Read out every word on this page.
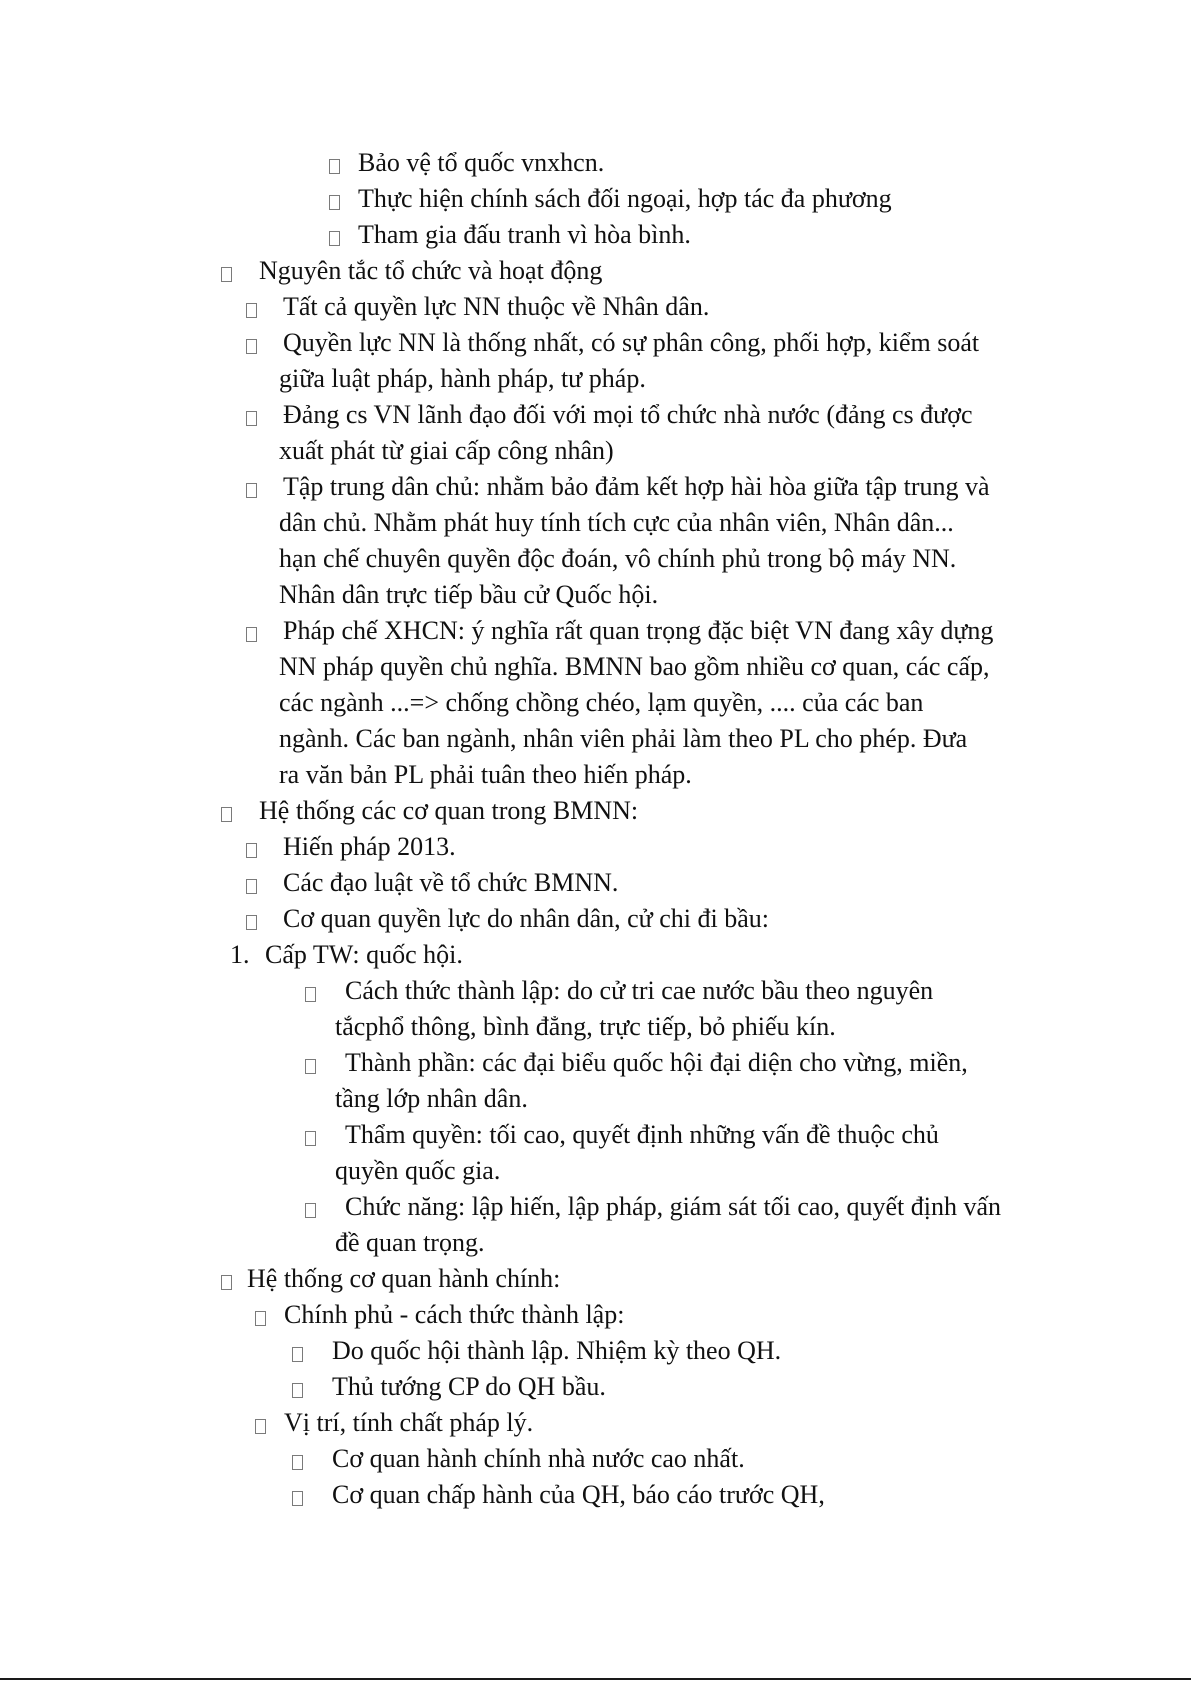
Bảo vệ tổ quốc vnxhcn.
Thực hiện chính sách đối ngoại, hợp tác đa phương
Tham gia đấu tranh vì hòa bình.
Nguyên tắc tổ chức và hoạt động
Tất cả quyền lực NN thuộc về Nhân dân.
Quyền lực NN là thống nhất, có sự phân công, phối hợp, kiểm soát
giữa luật pháp, hành pháp, tư pháp.
Đảng cs VN lãnh đạo đối với mọi tổ chức nhà nước (đảng cs được
xuất phát từ giai cấp công nhân)
Tập trung dân chủ: nhằm bảo đảm kết hợp hài hòa giữa tập trung và
dân chủ. Nhằm phát huy tính tích cực của nhân viên, Nhân dân...
hạn chế chuyên quyền độc đoán, vô chính phủ trong bộ máy NN.
Nhân dân trực tiếp bầu cử Quốc hội.
Pháp chế XHCN: ý nghĩa rất quan trọng đặc biệt VN đang xây dựng
NN pháp quyền chủ nghĩa. BMNN bao gồm nhiều cơ quan, các cấp,
các ngành ...=> chống chồng chéo, lạm quyền, .... của các ban
ngành. Các ban ngành, nhân viên phải làm theo PL cho phép. Đưa
ra văn bản PL phải tuân theo hiến pháp.
Hệ thống các cơ quan trong BMNN:
Hiến pháp 2013.
Các đạo luật về tổ chức BMNN.
Cơ quan quyền lực do nhân dân, cử chi đi bầu:
1. Cấp TW: quốc hội.
Cách thức thành lập: do cử tri cae nước bầu theo nguyên
tắcphổ thông, bình đẳng, trực tiếp, bỏ phiếu kín.
Thành phần: các đại biểu quốc hội đại diện cho vừng, miền,
tầng lớp nhân dân.
Thẩm quyền: tối cao, quyết định những vấn đề thuộc chủ
quyền quốc gia.
Chức năng: lập hiến, lập pháp, giám sát tối cao, quyết định vấn
đề quan trọng.
Hệ thống cơ quan hành chính:
Chính phủ - cách thức thành lập:
Do quốc hội thành lập. Nhiệm kỳ theo QH.
Thủ tướng CP do QH bầu.
Vị trí, tính chất pháp lý.
Cơ quan hành chính nhà nước cao nhất.
Cơ quan chấp hành của QH, báo cáo trước QH,
